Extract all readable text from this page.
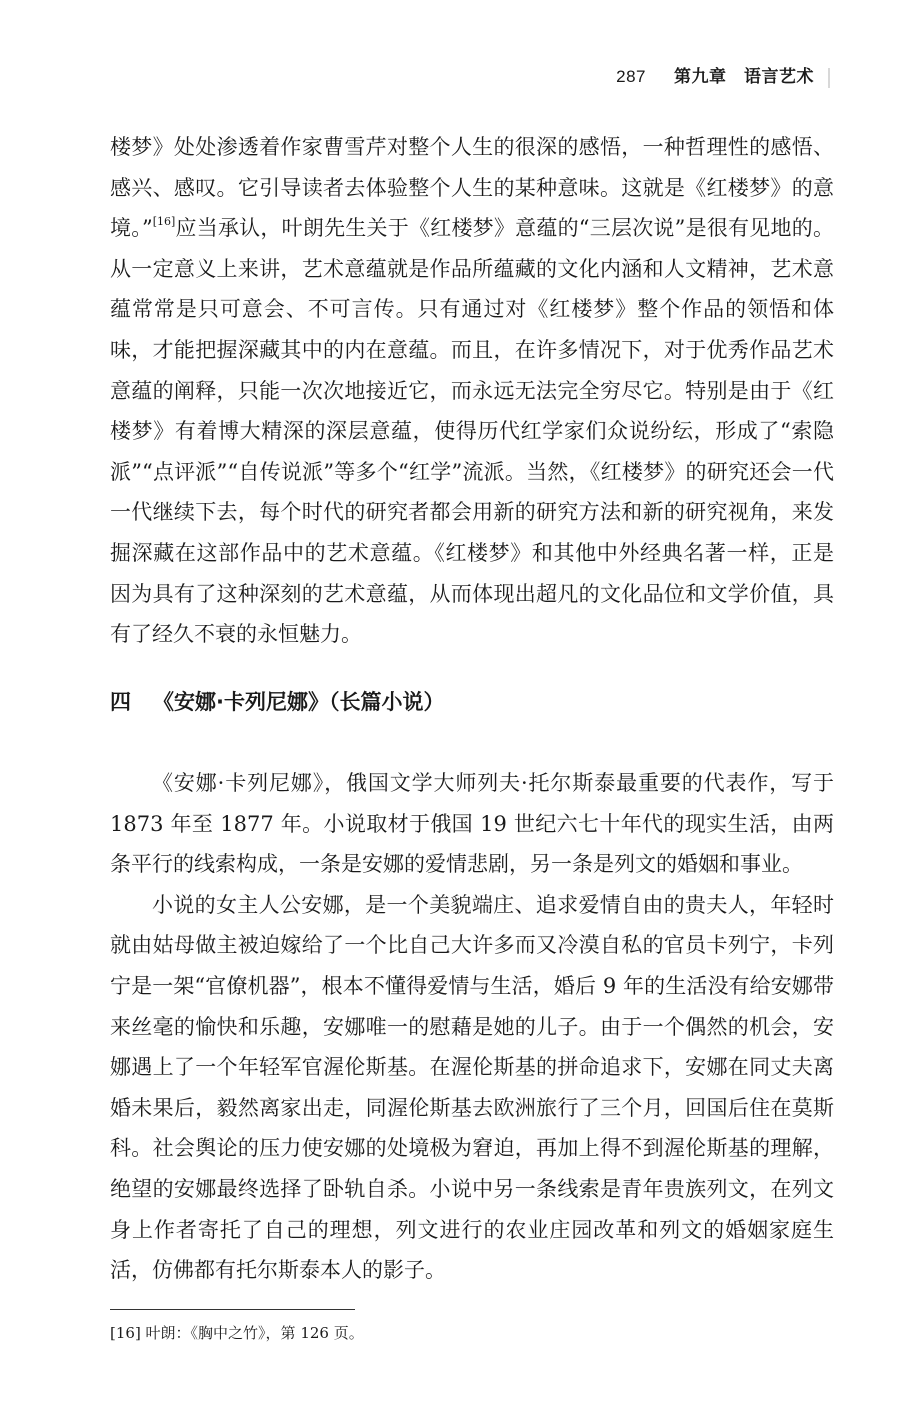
287 第九章　语言艺术

楼梦》处处渗透着作家曹雪芹对整个人生的很深的感悟，一种哲理性的感悟、感兴、感叹。它引导读者去体验整个人生的某种意味。这就是《红楼梦》的意境。”[16]应当承认，叶朗先生关于《红楼梦》意蕴的“三层次说”是很有见地的。从一定意义上来讲，艺术意蕴就是作品所蕴藏的文化内涵和人文精神，艺术意蕴常常是只可意会、不可言传。只有通过对《红楼梦》整个作品的领悟和体味，才能把握深藏其中的内在意蕴。而且，在许多情况下，对于优秀作品艺术意蕴的阐释，只能一次次地接近它，而永远无法完全穷尽它。特别是由于《红楼梦》有着博大精深的深层意蕴，使得历代红学家们众说纷纭，形成了“索隐派”“点评派”“自传说派”等多个“红学”流派。当然，《红楼梦》的研究还会一代一代继续下去，每个时代的研究者都会用新的研究方法和新的研究视角，来发掘深藏在这部作品中的艺术意蕴。《红楼梦》和其他中外经典名著一样，正是因为具有了这种深刻的艺术意蕴，从而体现出超凡的文化品位和文学价值，具有了经久不衰的永恒魅力。

四 《安娜·卡列尼娜》（长篇小说）

《安娜·卡列尼娜》，俄国文学大师列夫·托尔斯泰最重要的代表作，写于 1873 年至 1877 年。小说取材于俄国 19 世纪六七十年代的现实生活，由两条平行的线索构成，一条是安娜的爱情悲剧，另一条是列文的婚姻和事业。

小说的女主人公安娜，是一个美貌端庄、追求爱情自由的贵夫人，年轻时就由姑母做主被迫嫁给了一个比自己大许多而又冷漠自私的官员卡列宁，卡列宁是一架“官僚机器”，根本不懂得爱情与生活，婚后 9 年的生活没有给安娜带来丝毫的愉快和乐趣，安娜唯一的慰藉是她的儿子。由于一个偶然的机会，安娜遇上了一个年轻军官渥伦斯基。在渥伦斯基的拼命追求下，安娜在同丈夫离婚未果后，毅然离家出走，同渥伦斯基去欧洲旅行了三个月，回国后住在莫斯科。社会舆论的压力使安娜的处境极为窘迫，再加上得不到渥伦斯基的理解，绝望的安娜最终选择了卧轨自杀。小说中另一条线索是青年贵族列文，在列文身上作者寄托了自己的理想，列文进行的农业庄园改革和列文的婚姻家庭生活，仿佛都有托尔斯泰本人的影子。

[16] 叶朗：《胸中之竹》，第 126 页。
